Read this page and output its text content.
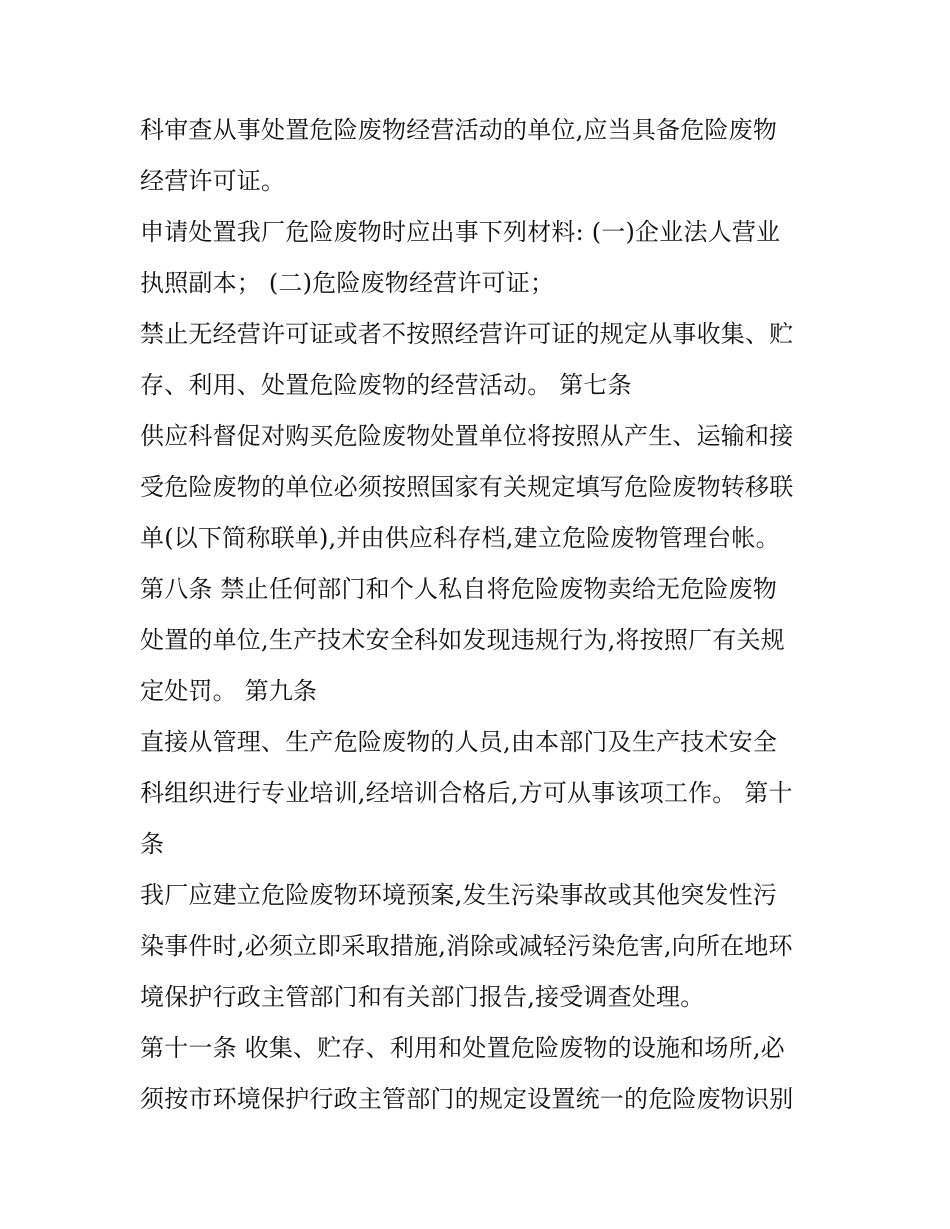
科审查从事处置危险废物经营活动的单位,应当具备危险废物
经营许可证。
申请处置我厂危险废物时应出事下列材料: (一)企业法人营业
执照副本； (二)危险废物经营许可证；
禁止无经营许可证或者不按照经营许可证的规定从事收集、贮
存、利用、处置危险废物的经营活动。 第七条
供应科督促对购买危险废物处置单位将按照从产生、运输和接
受危险废物的单位必须按照国家有关规定填写危险废物转移联
单(以下简称联单),并由供应科存档,建立危险废物管理台帐。
第八条 禁止任何部门和个人私自将危险废物卖给无危险废物
处置的单位,生产技术安全科如发现违规行为,将按照厂有关规
定处罚。 第九条
直接从管理、生产危险废物的人员,由本部门及生产技术安全
科组织进行专业培训,经培训合格后,方可从事该项工作。 第十
条
我厂应建立危险废物环境预案,发生污染事故或其他突发性污
染事件时,必须立即采取措施,消除或减轻污染危害,向所在地环
境保护行政主管部门和有关部门报告,接受调查处理。
第十一条 收集、贮存、利用和处置危险废物的设施和场所,必
须按市环境保护行政主管部门的规定设置统一的危险废物识别
